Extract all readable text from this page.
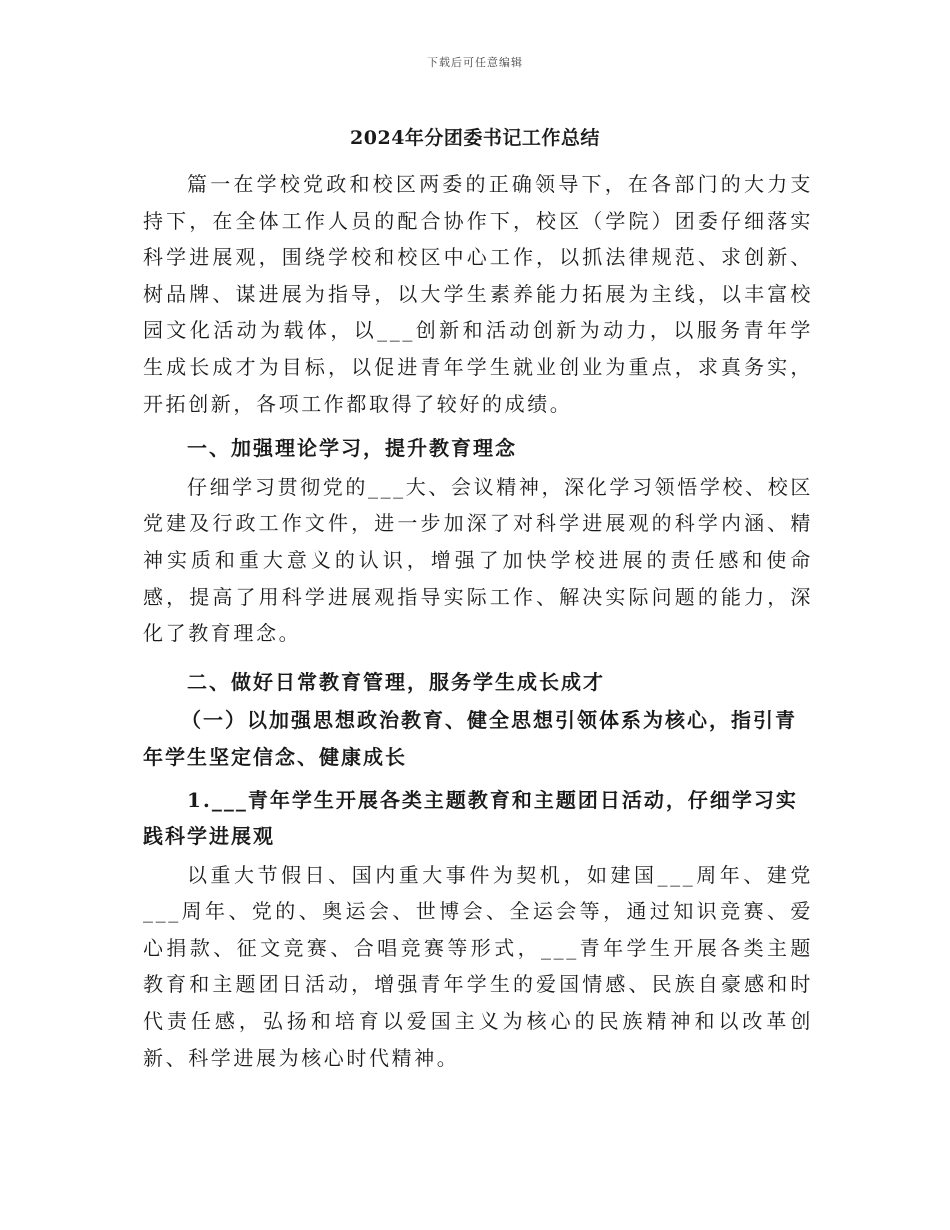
下载后可任意编辑
2024年分团委书记工作总结

篇一在学校党政和校区两委的正确领导下，在各部门的大力支持下，在全体工作人员的配合协作下，校区（学院）团委仔细落实科学进展观，围绕学校和校区中心工作，以抓法律规范、求创新、树品牌、谋进展为指导，以大学生素养能力拓展为主线，以丰富校园文化活动为载体，以___创新和活动创新为动力，以服务青年学生成长成才为目标，以促进青年学生就业创业为重点，求真务实，开拓创新，各项工作都取得了较好的成绩。

一、加强理论学习，提升教育理念

仔细学习贯彻党的___大、会议精神，深化学习领悟学校、校区党建及行政工作文件，进一步加深了对科学进展观的科学内涵、精神实质和重大意义的认识，增强了加快学校进展的责任感和使命感，提高了用科学进展观指导实际工作、解决实际问题的能力，深化了教育理念。

二、做好日常教育管理，服务学生成长成才

（一）以加强思想政治教育、健全思想引领体系为核心，指引青年学生坚定信念、健康成长

1.___青年学生开展各类主题教育和主题团日活动，仔细学习实践科学进展观

以重大节假日、国内重大事件为契机，如建国___周年、建党___周年、党的、奥运会、世博会、全运会等，通过知识竞赛、爱心捐款、征文竞赛、合唱竞赛等形式，___青年学生开展各类主题教育和主题团日活动，增强青年学生的爱国情感、民族自豪感和时代责任感，弘扬和培育以爱国主义为核心的民族精神和以改革创新、科学进展为核心时代精神。
